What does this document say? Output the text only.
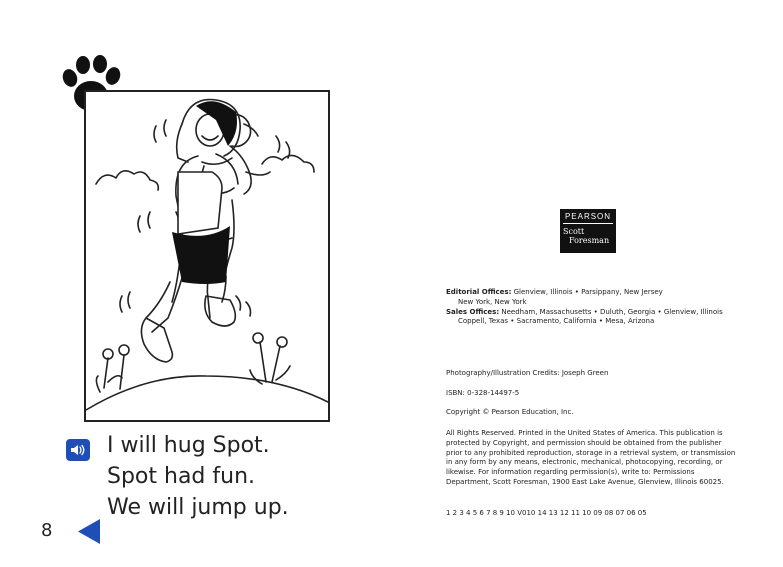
I will hug Spot.
Spot had fun.
We will jump up.
8
PEARSON
Scott
Foresman
Editorial Offices: Glenview, Illinois • Parsippany, New Jersey
New York, New York
Sales Offices: Needham, Massachusetts • Duluth, Georgia • Glenview, Illinois
Coppell, Texas • Sacramento, California • Mesa, Arizona
Photography/Illustration Credits: Joseph Green
ISBN: 0-328-14497-5
Copyright © Pearson Education, Inc.
All Rights Reserved. Printed in the United States of America. This publication is protected by Copyright, and permission should be obtained from the publisher prior to any prohibited reproduction, storage in a retrieval system, or transmission in any form by any means, electronic, mechanical, photocopying, recording, or likewise. For information regarding permission(s), write to: Permissions Department, Scott Foresman, 1900 East Lake Avenue, Glenview, Illinois 60025.
1 2 3 4 5 6 7 8 9 10 V010 14 13 12 11 10 09 08 07 06 05
